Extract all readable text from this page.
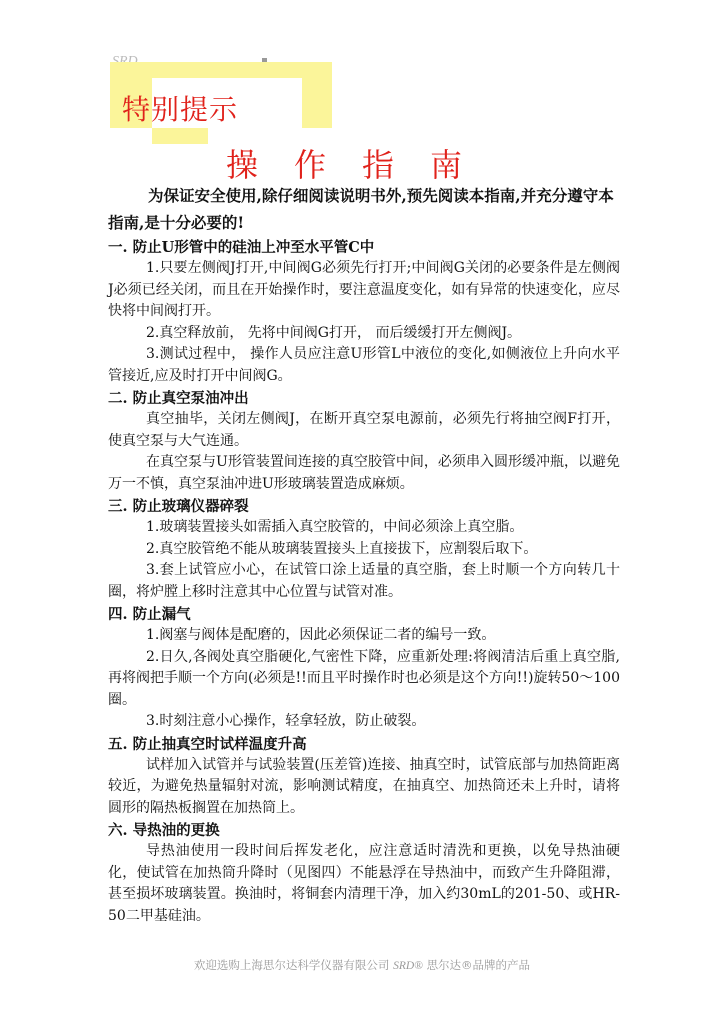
特别提示
操作指南

为保证安全使用,除仔细阅读说明书外,预先阅读本指南,并充分遵守本指南,是十分必要的!

一. 防止U形管中的硅油上冲至水平管C中

1.只要左侧阀J打开,中间阀G必须先行打开;中间阀G关闭的必要条件是左侧阀J必须已经关闭，而且在开始操作时，要注意温度变化，如有异常的快速变化，应尽快将中间阀打开。

2.真空释放前， 先将中间阀G打开， 而后缓缓打开左侧阀J。

3.测试过程中， 操作人员应注意U形管L中液位的变化,如侧液位上升向水平管接近,应及时打开中间阀G。

二. 防止真空泵油冲出

真空抽毕，关闭左侧阀J，在断开真空泵电源前，必须先行将抽空阀F打开，使真空泵与大气连通。

在真空泵与U形管装置间连接的真空胶管中间，必须串入圆形缓冲瓶，以避免万一不慎，真空泵油冲进U形玻璃装置造成麻烦。

三. 防止玻璃仪器碎裂

1.玻璃装置接头如需插入真空胶管的，中间必须涂上真空脂。

2.真空胶管绝不能从玻璃装置接头上直接拔下，应割裂后取下。

3.套上试管应小心，在试管口涂上适量的真空脂，套上时顺一个方向转几十圈，将炉膛上移时注意其中心位置与试管对准。

四. 防止漏气

1.阀塞与阀体是配磨的，因此必须保证二者的编号一致。

2.日久,各阀处真空脂硬化,气密性下降，应重新处理:将阀清洁后重上真空脂,再将阀把手顺一个方向(必须是!!而且平时操作时也必须是这个方向!!)旋转50～100圈。

3.时刻注意小心操作，轻拿轻放，防止破裂。

五. 防止抽真空时试样温度升高

试样加入试管并与试验装置(压差管)连接、抽真空时，试管底部与加热筒距离较近，为避免热量辐射对流，影响测试精度，在抽真空、加热筒还未上升时，请将圆形的隔热板搁置在加热筒上。

六. 导热油的更换

导热油使用一段时间后挥发老化，应注意适时清洗和更换，以免导热油硬化，使试管在加热筒升降时（见图四）不能悬浮在导热油中，而致产生升降阻滞，甚至损坏玻璃装置。换油时，将铜套内清理干净，加入约30mL的201-50、或HR-50二甲基硅油。

欢迎选购上海思尔达科学仪器有限公司 SRD® 思尔达®品牌的产品
